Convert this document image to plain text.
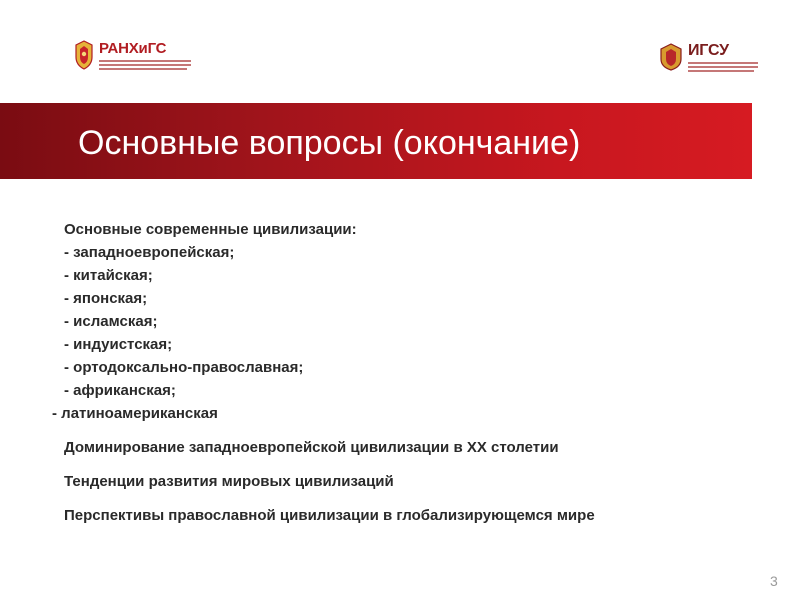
РАНХиГС	ИГСУ
Основные вопросы (окончание)
Основные современные цивилизации:
- западноевропейская;
- китайская;
- японская;
- исламская;
- индуистская;
- ортодоксально-православная;
- африканская;
- латиноамериканская
Доминирование западноевропейской цивилизации в XX столетии
Тенденции развития мировых цивилизаций
Перспективы православной цивилизации в глобализирующемся мире
3
